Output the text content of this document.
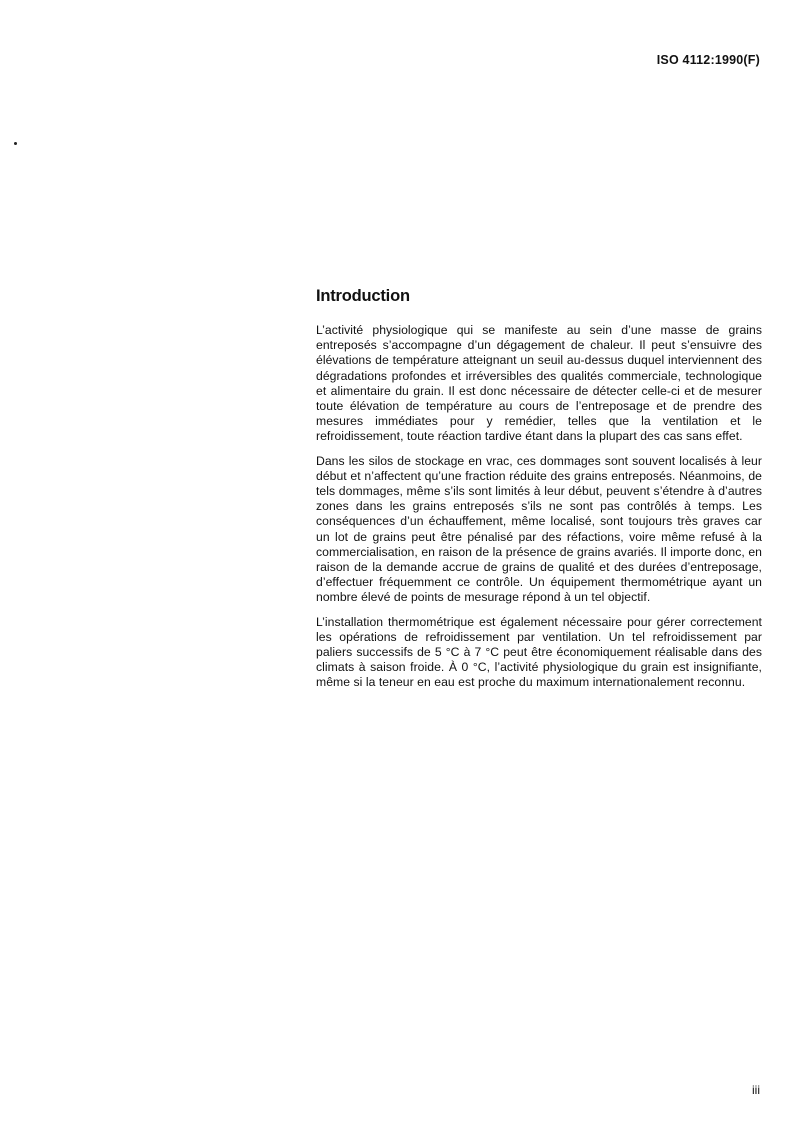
ISO 4112:1990(F)
Introduction

L’activité physiologique qui se manifeste au sein d’une masse de grains entreposés s’accompagne d’un dégagement de chaleur. Il peut s’ensuivre des élévations de température atteignant un seuil au-dessus duquel interviennent des dégradations profondes et irréversibles des qualités commerciale, technologique et alimentaire du grain. Il est donc nécessaire de détecter celle-ci et de mesurer toute élévation de température au cours de l’entreposage et de prendre des mesures immédiates pour y remédier, telles que la ventilation et le refroidissement, toute réaction tardive étant dans la plupart des cas sans effet.

Dans les silos de stockage en vrac, ces dommages sont souvent localisés à leur début et n’affectent qu’une fraction réduite des grains entreposés. Néanmoins, de tels dommages, même s’ils sont limités à leur début, peuvent s’étendre à d’autres zones dans les grains entreposés s’ils ne sont pas contrôlés à temps. Les conséquences d’un échauffement, même localisé, sont toujours très graves car un lot de grains peut être pénalisé par des réfactions, voire même refusé à la commercialisation, en raison de la présence de grains avariés. Il importe donc, en raison de la demande accrue de grains de qualité et des durées d’entreposage, d’effectuer fréquemment ce contrôle. Un équipement thermométrique ayant un nombre élevé de points de mesurage répond à un tel objectif.

L’installation thermométrique est également nécessaire pour gérer correctement les opérations de refroidissement par ventilation. Un tel refroidissement par paliers successifs de 5 °C à 7 °C peut être économiquement réalisable dans des climats à saison froide. À 0 °C, l’activité physiologique du grain est insignifiante, même si la teneur en eau est proche du maximum internationalement reconnu.

iii
